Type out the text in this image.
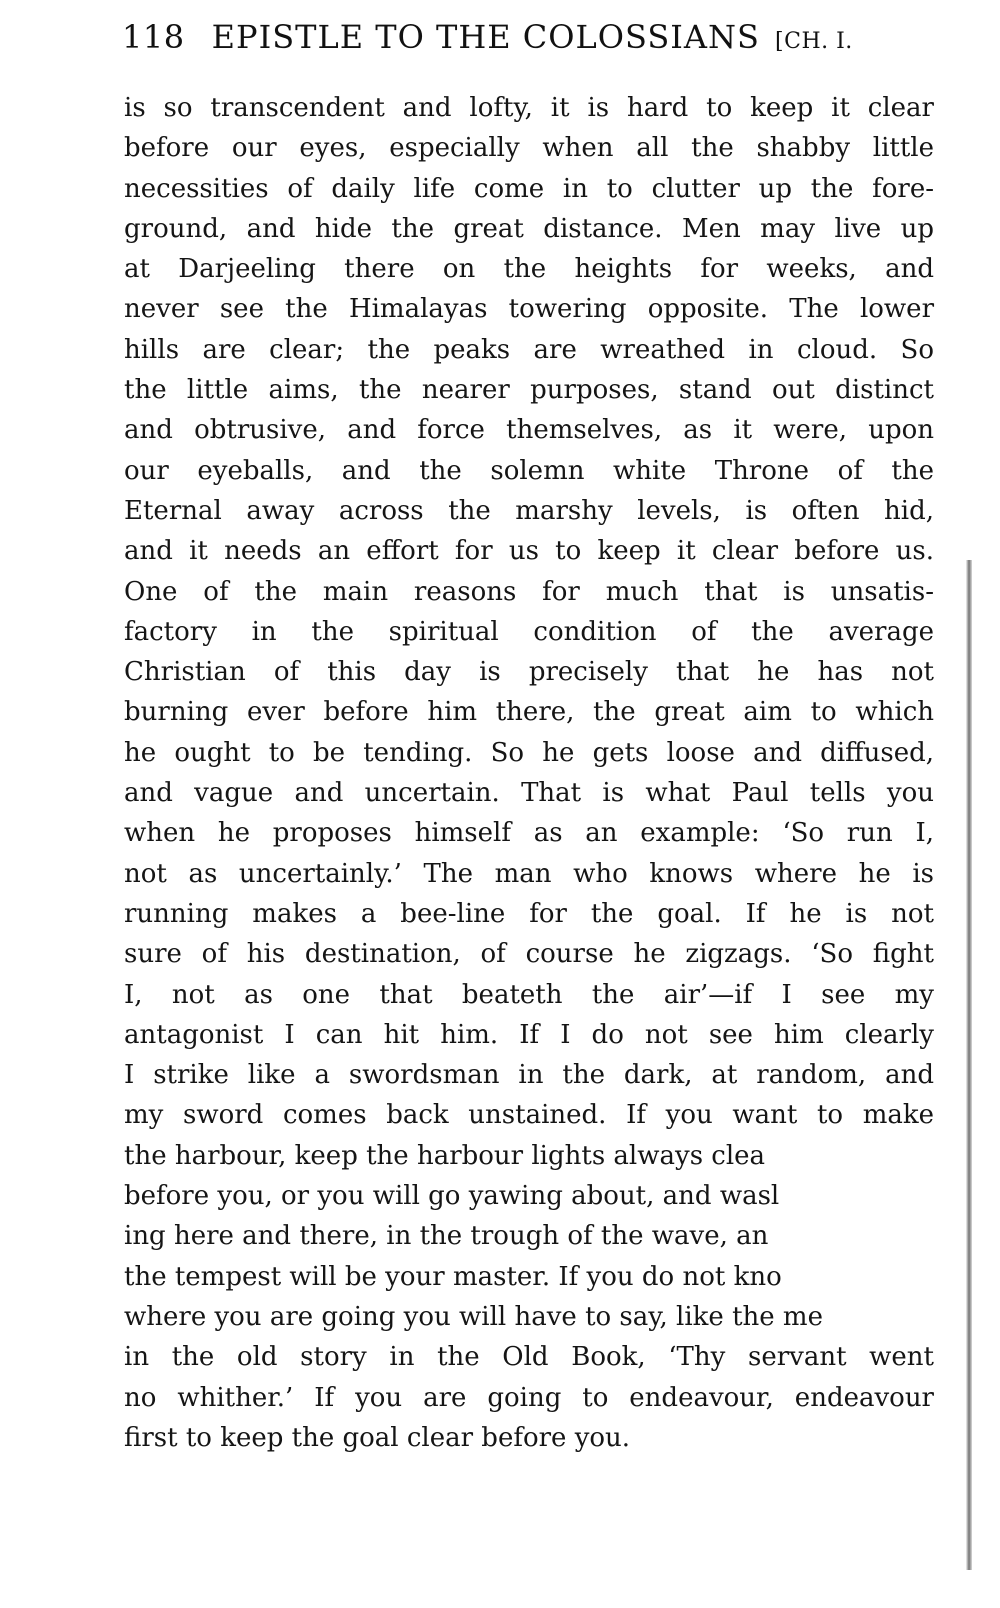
118 EPISTLE TO THE COLOSSIANS [CH. I.
is so transcendent and lofty, it is hard to keep it clear
before our eyes, especially when all the shabby little
necessities of daily life come in to clutter up the fore-
ground, and hide the great distance. Men may live up
at Darjeeling there on the heights for weeks, and
never see the Himalayas towering opposite. The lower
hills are clear; the peaks are wreathed in cloud. So
the little aims, the nearer purposes, stand out distinct
and obtrusive, and force themselves, as it were, upon
our eyeballs, and the solemn white Throne of the
Eternal away across the marshy levels, is often hid,
and it needs an effort for us to keep it clear before us.
One of the main reasons for much that is unsatis-
factory in the spiritual condition of the average
Christian of this day is precisely that he has not
burning ever before him there, the great aim to which
he ought to be tending. So he gets loose and diffused,
and vague and uncertain. That is what Paul tells you
when he proposes himself as an example: ‘So run I,
not as uncertainly.’ The man who knows where he is
running makes a bee-line for the goal. If he is not
sure of his destination, of course he zigzags. ‘So fight
I, not as one that beateth the air’—if I see my
antagonist I can hit him. If I do not see him clearly
I strike like a swordsman in the dark, at random, and
my sword comes back unstained. If you want to make
the harbour, keep the harbour lights always clea
before you, or you will go yawing about, and wasl
ing here and there, in the trough of the wave, an
the tempest will be your master. If you do not kno
where you are going you will have to say, like the me
in the old story in the Old Book, ‘Thy servant went
no whither.’ If you are going to endeavour, endeavour
first to keep the goal clear before you.
